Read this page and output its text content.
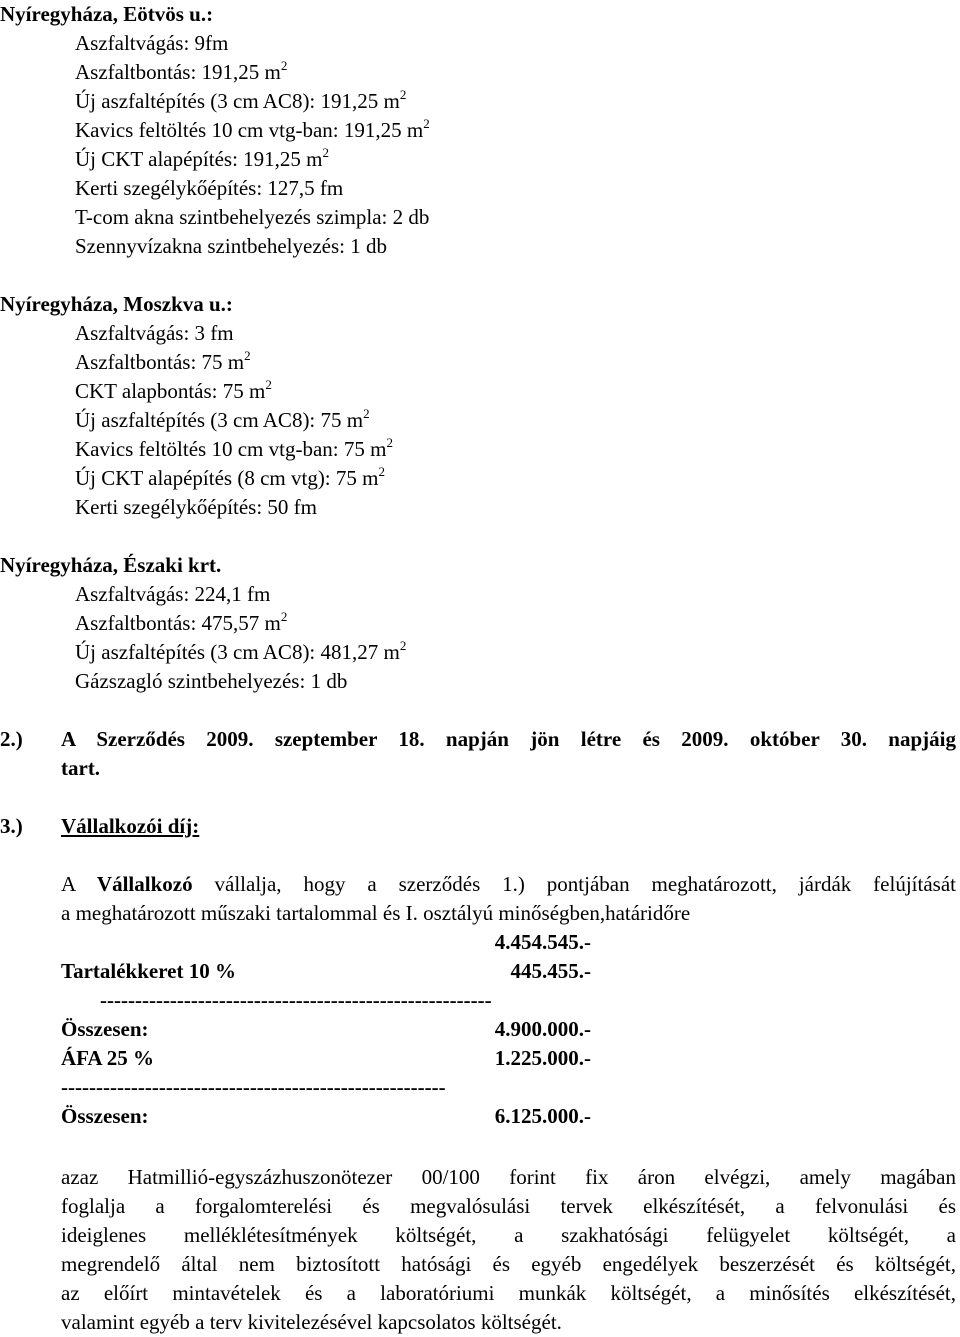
Nyíregyháza, Eötvös u.:
Aszfaltvágás: 9fm
Aszfaltbontás: 191,25 $m^2$
Új aszfaltépítés (3 cm AC8): 191,25 $m^2$
Kavics feltöltés 10 cm vtg-ban: 191,25 $m^2$
Új CKT alapépítés: 191,25 $m^2$
Kerti szegélykőépítés: 127,5 fm
T-com akna szintbehelyezés szimpla: 2 db
Szennyvízakna szintbehelyezés: 1 db
Nyíregyháza, Moszkva u.:
Aszfaltvágás: 3 fm
Aszfaltbontás: 75 $m^2$
CKT alapbontás: 75 $m^2$
Új aszfaltépítés (3 cm AC8): 75 $m^2$
Kavics feltöltés 10 cm vtg-ban: 75 $m^2$
Új CKT alapépítés (8 cm vtg): 75 $m^2$
Kerti szegélykőépítés: 50 fm
Nyíregyháza, Északi krt.
Aszfaltvágás: 224,1 fm
Aszfaltbontás: 475,57 $m^2$
Új aszfaltépítés (3 cm AC8): 481,27 $m^2$
Gázszagló szintbehelyezés: 1 db
2.) A Szerződés 2009. szeptember 18. napján jön létre és 2009. október 30. napjáig
tart.
3.) Vállalkozói díj:
A Vállalkozó vállalja, hogy a szerződés 1.) pontjában meghatározott, járdák felújítását
a meghatározott műszaki tartalommal és I. osztályú minőségben,határidőre
4.454.545.-
Tartalékkeret 10 %	445.455.-
--------------------------------------------------------
Összesen:	4.900.000.-
ÁFA 25 %	1.225.000.-
-------------------------------------------------------
Összesen:	6.125.000.-
azaz Hatmillió-egyszázhuszonötezer 00/100 forint fix áron elvégzi, amely magában
foglalja a forgalomterelési és megvalósulási tervek elkészítését, a felvonulási és
ideiglenes melléklétesítmények költségét, a szakhatósági felügyelet költségét, a
megrendelő által nem biztosított hatósági és egyéb engedélyek beszerzését és költségét,
az előírt mintavételek és a laboratóriumi munkák költségét, a minősítés elkészítését,
valamint egyéb a terv kivitelezésével kapcsolatos költségét.
